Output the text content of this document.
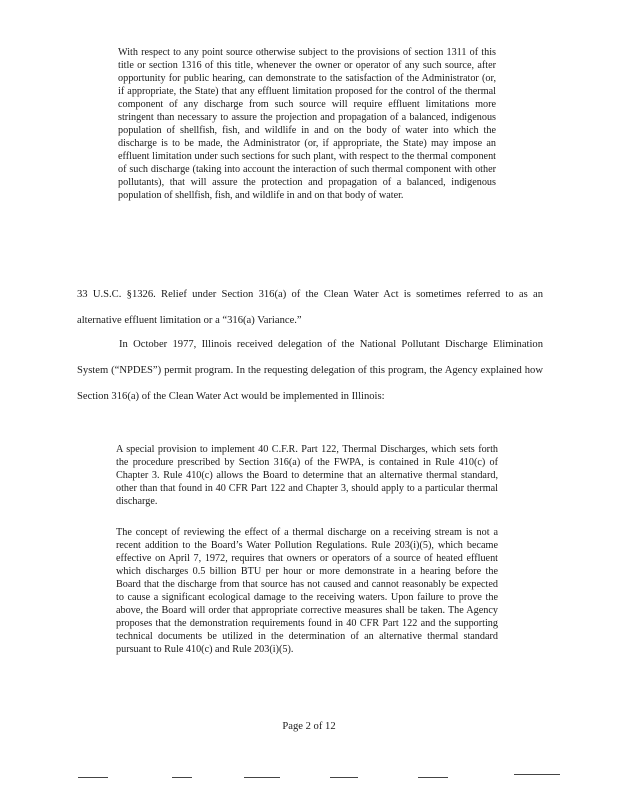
With respect to any point source otherwise subject to the provisions of section 1311 of this title or section 1316 of this title, whenever the owner or operator of any such source, after opportunity for public hearing, can demonstrate to the satisfaction of the Administrator (or, if appropriate, the State) that any effluent limitation proposed for the control of the thermal component of any discharge from such source will require effluent limitations more stringent than necessary to assure the projection and propagation of a balanced, indigenous population of shellfish, fish, and wildlife in and on the body of water into which the discharge is to be made, the Administrator (or, if appropriate, the State) may impose an effluent limitation under such sections for such plant, with respect to the thermal component of such discharge (taking into account the interaction of such thermal component with other pollutants), that will assure the protection and propagation of a balanced, indigenous population of shellfish, fish, and wildlife in and on that body of water.
33 U.S.C. §1326. Relief under Section 316(a) of the Clean Water Act is sometimes referred to as an alternative effluent limitation or a “316(a) Variance.”
In October 1977, Illinois received delegation of the National Pollutant Discharge Elimination System (“NPDES”) permit program. In the requesting delegation of this program, the Agency explained how Section 316(a) of the Clean Water Act would be implemented in Illinois:
A special provision to implement 40 C.F.R. Part 122, Thermal Discharges, which sets forth the procedure prescribed by Section 316(a) of the FWPA, is contained in Rule 410(c) of Chapter 3. Rule 410(c) allows the Board to determine that an alternative thermal standard, other than that found in 40 CFR Part 122 and Chapter 3, should apply to a particular thermal discharge.
The concept of reviewing the effect of a thermal discharge on a receiving stream is not a recent addition to the Board’s Water Pollution Regulations. Rule 203(i)(5), which became effective on April 7, 1972, requires that owners or operators of a source of heated effluent which discharges 0.5 billion BTU per hour or more demonstrate in a hearing before the Board that the discharge from that source has not caused and cannot reasonably be expected to cause a significant ecological damage to the receiving waters. Upon failure to prove the above, the Board will order that appropriate corrective measures shall be taken. The Agency proposes that the demonstration requirements found in 40 CFR Part 122 and the supporting technical documents be utilized in the determination of an alternative thermal standard pursuant to Rule 410(c) and Rule 203(i)(5).
Page 2 of 12
